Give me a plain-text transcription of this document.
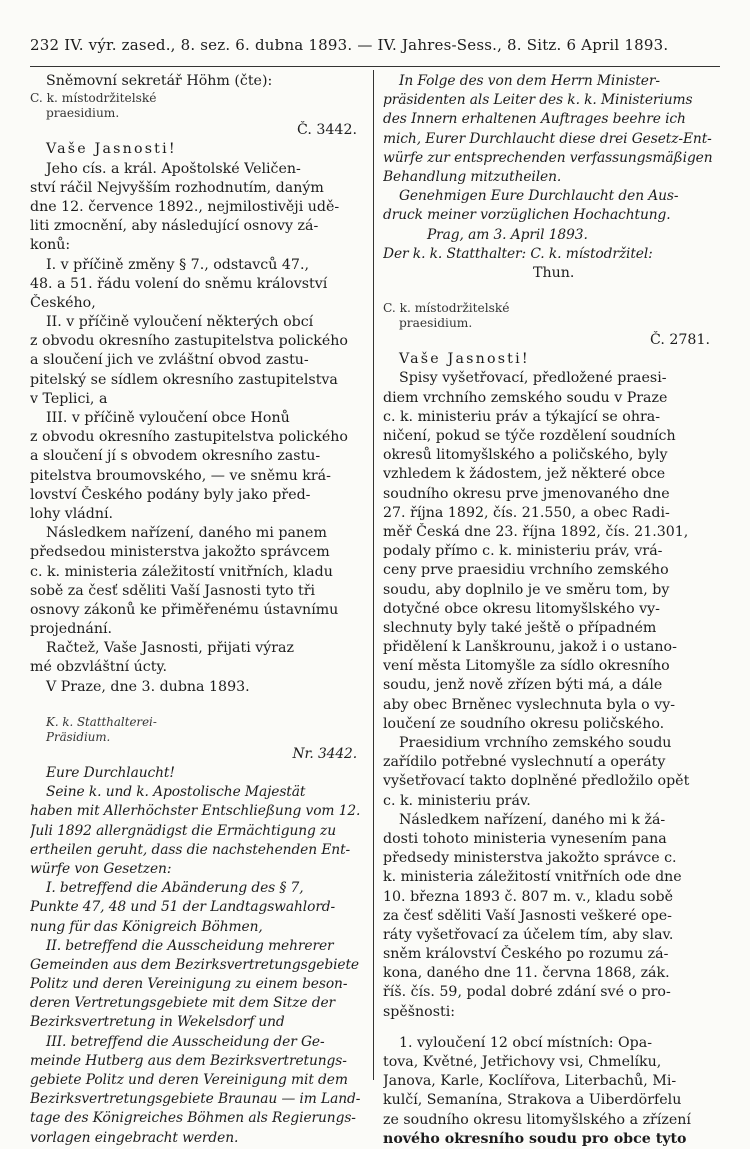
232 IV. výr. zased., 8. sez. 6. dubna 1893. — IV. Jahres-Sess., 8. Sitz. 6 April 1893.
Sněmovní sekretář Höhm (čte):
C. k. místodržitelské
praesidium.
Č. 3442.
Vaše Jasnosti!
Jeho cís. a král. Apoštolské Veličen-
ství ráčil Nejvyšším rozhodnutím, daným
dne 12. července 1892., nejmilostivěji udě-
liti zmocnění, aby následující osnovy zá-
konů:
I. v příčině změny § 7., odstavců 47.,
48. a 51. řádu volení do sněmu království
Českého,
II. v příčině vyloučení některých obcí
z obvodu okresního zastupitelstva polického
a sloučení jich ve zvláštní obvod zastu-
pitelský se sídlem okresního zastupitelstva
v Teplici, a
III. v příčině vyloučení obce Honů
z obvodu okresního zastupitelstva polického
a sloučení jí s obvodem okresního zastu-
pitelstva broumovského, — ve sněmu krá-
lovství Českého podány byly jako před-
lohy vládní.
Následkem nařízení, daného mi panem
předsedou ministerstva jakožto správcem
c. k. ministeria záležitostí vnitřních, kladu
sobě za česť sděliti Vaší Jasnosti tyto tři
osnovy zákonů ke přiměřenému ústavnímu
projednání.
Račtež, Vaše Jasnosti, přijati výraz
mé obzvláštní úcty.
V Praze, dne 3. dubna 1893.
K. k. Statthalterei-
Präsidium.
Nr. 3442.
Eure Durchlaucht!
Seine k. und k. Apostolische Majestät
haben mit Allerhöchster Entschließung vom 12.
Juli 1892 allergnädigst die Ermächtigung zu
ertheilen geruht, dass die nachstehenden Ent-
würfe von Gesetzen:
I. betreffend die Abänderung des § 7,
Punkte 47, 48 und 51 der Landtagswahlord-
nung für das Königreich Böhmen,
II. betreffend die Ausscheidung mehrerer
Gemeinden aus dem Bezirksvertretungsgebiete
Politz und deren Vereinigung zu einem beson-
deren Vertretungsgebiete mit dem Sitze der
Bezirksvertretung in Wekelsdorf und
III. betreffend die Ausscheidung der Ge-
meinde Hutberg aus dem Bezirksvertretungs-
gebiete Politz und deren Vereinigung mit dem
Bezirksvertretungsgebiete Braunau — im Land-
tage des Königreiches Böhmen als Regierungs-
vorlagen eingebracht werden.
In Folge des von dem Herrn Minister-
präsidenten als Leiter des k. k. Ministeriums
des Innern erhaltenen Auftrages beehre ich
mich, Eurer Durchlaucht diese drei Gesetz-Ent-
würfe zur entsprechenden verfassungsmäßigen
Behandlung mitzutheilen.
Genehmigen Eure Durchlaucht den Aus-
druck meiner vorzüglichen Hochachtung.
Prag, am 3. April 1893.
Der k. k. Statthalter: C. k. místodržitel:
Thun.
C. k. místodržitelské
praesidium.
Č. 2781.
Vaše Jasnosti!
Spisy vyšetřovací, předložené praesi-
diem vrchního zemského soudu v Praze
c. k. ministeriu práv a týkající se ohra-
ničení, pokud se týče rozdělení soudních
okresů litomyšlského a poličského, byly
vzhledem k žádostem, jež některé obce
soudního okresu prve jmenovaného dne
27. října 1892, čís. 21.550, a obec Radi-
měř Česká dne 23. října 1892, čís. 21.301,
podaly přímo c. k. ministeriu práv, vrá-
ceny prve praesidiu vrchního zemského
soudu, aby doplnilo je ve směru tom, by
dotyčné obce okresu litomyšlského vy-
slechnuty byly také ještě o případném
přidělení k Lanškrounu, jakož i o ustano-
vení města Litomyšle za sídlo okresního
soudu, jenž nově zřízen býti má, a dále
aby obec Brněnec vyslechnuta byla o vy-
loučení ze soudního okresu poličského.
Praesidium vrchního zemského soudu
zařídilo potřebné vyslechnutí a operáty
vyšetřovací takto doplněné předložilo opět
c. k. ministeriu práv.
Následkem nařízení, daného mi k žá-
dosti tohoto ministeria vynesením pana
předsedy ministerstva jakožto správce c.
k. ministeria záležitostí vnitřních ode dne
10. března 1893 č. 807 m. v., kladu sobě
za česť sděliti Vaší Jasnosti veškeré ope-
ráty vyšetřovací za účelem tím, aby slav.
sněm království Českého po rozumu zá-
kona, daného dne 11. června 1868, zák.
říš. čís. 59, podal dobré zdání své o pro-
spěšnosti:
1. vyloučení 12 obcí místních: Opa-
tova, Květné, Jetřichovy vsi, Chmelíku,
Janova, Karle, Koclířova, Literbachů, Mi-
kulčí, Semanína, Strakova a Uiberdörfelu
ze soudního okresu litomyšlského a zřízení
nového okresního soudu pro obce tyto
